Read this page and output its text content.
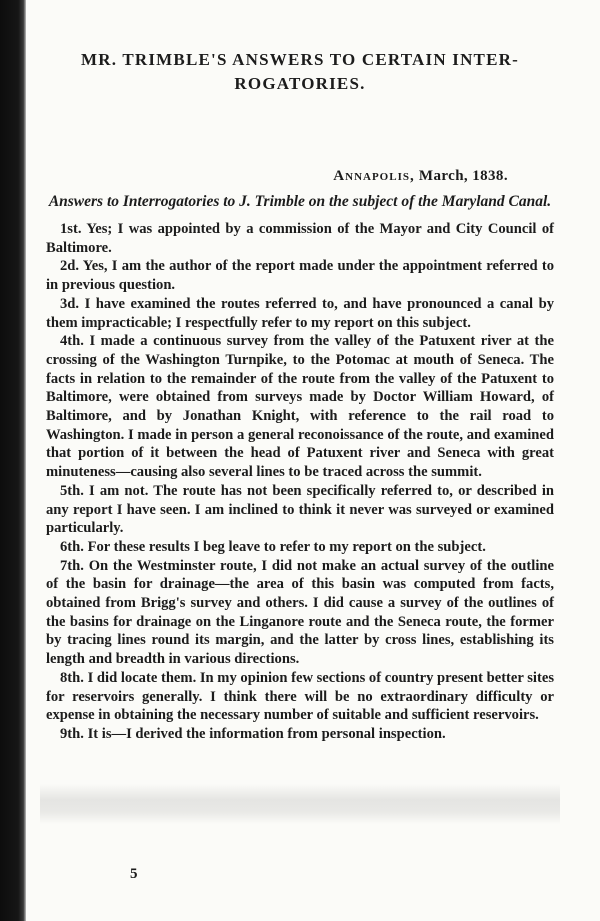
MR. TRIMBLE'S ANSWERS TO CERTAIN INTER-
ROGATORIES.

Annapolis, March, 1838.

Answers to Interrogatories to J. Trimble on the subject of the Maryland Canal.

1st. Yes; I was appointed by a commission of the Mayor and City Council of Baltimore.

2d. Yes, I am the author of the report made under the appointment referred to in previous question.

3d. I have examined the routes referred to, and have pronounced a canal by them impracticable; I respectfully refer to my report on this subject.

4th. I made a continuous survey from the valley of the Patuxent river at the crossing of the Washington Turnpike, to the Potomac at mouth of Seneca. The facts in relation to the remainder of the route from the valley of the Patuxent to Baltimore, were obtained from surveys made by Doctor William Howard, of Baltimore, and by Jonathan Knight, with reference to the rail road to Washington. I made in person a general reconoissance of the route, and examined that portion of it between the head of Patuxent river and Seneca with great minuteness—causing also several lines to be traced across the summit.

5th. I am not. The route has not been specifically referred to, or described in any report I have seen. I am inclined to think it never was surveyed or examined particularly.

6th. For these results I beg leave to refer to my report on the subject.

7th. On the Westminster route, I did not make an actual survey of the outline of the basin for drainage—the area of this basin was computed from facts, obtained from Brigg's survey and others. I did cause a survey of the outlines of the basins for drainage on the Linganore route and the Seneca route, the former by tracing lines round its margin, and the latter by cross lines, establishing its length and breadth in various directions.

8th. I did locate them. In my opinion few sections of country present better sites for reservoirs generally. I think there will be no extraordinary difficulty or expense in obtaining the necessary number of suitable and sufficient reservoirs.

9th. It is—I derived the information from personal inspection.

5
